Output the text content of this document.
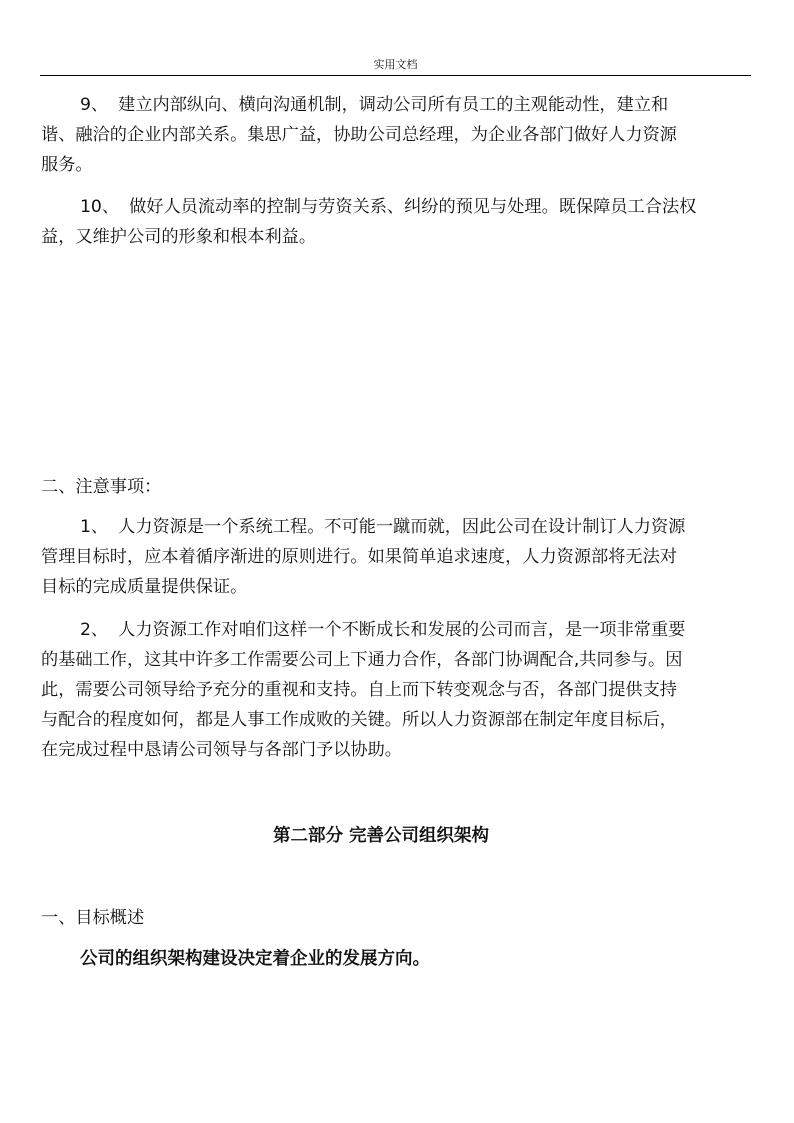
实用文档

9、 建立内部纵向、横向沟通机制，调动公司所有员工的主观能动性，建立和

谐、融洽的企业内部关系。集思广益，协助公司总经理，为企业各部门做好人力资源

服务。

10、 做好人员流动率的控制与劳资关系、纠纷的预见与处理。既保障员工合法权

益，又维护公司的形象和根本利益。

二、注意事项：

1、 人力资源是一个系统工程。不可能一蹴而就，因此公司在设计制订人力资源

管理目标时，应本着循序渐进的原则进行。如果简单追求速度，人力资源部将无法对

目标的完成质量提供保证。

2、 人力资源工作对咱们这样一个不断成长和发展的公司而言，是一项非常重要

的基础工作，这其中许多工作需要公司上下通力合作，各部门协调配合,共同参与。因

此，需要公司领导给予充分的重视和支持。自上而下转变观念与否，各部门提供支持

与配合的程度如何，都是人事工作成败的关键。所以人力资源部在制定年度目标后，

在完成过程中恳请公司领导与各部门予以协助。

第二部分 完善公司组织架构
一、目标概述
公司的组织架构建设决定着企业的发展方向。
